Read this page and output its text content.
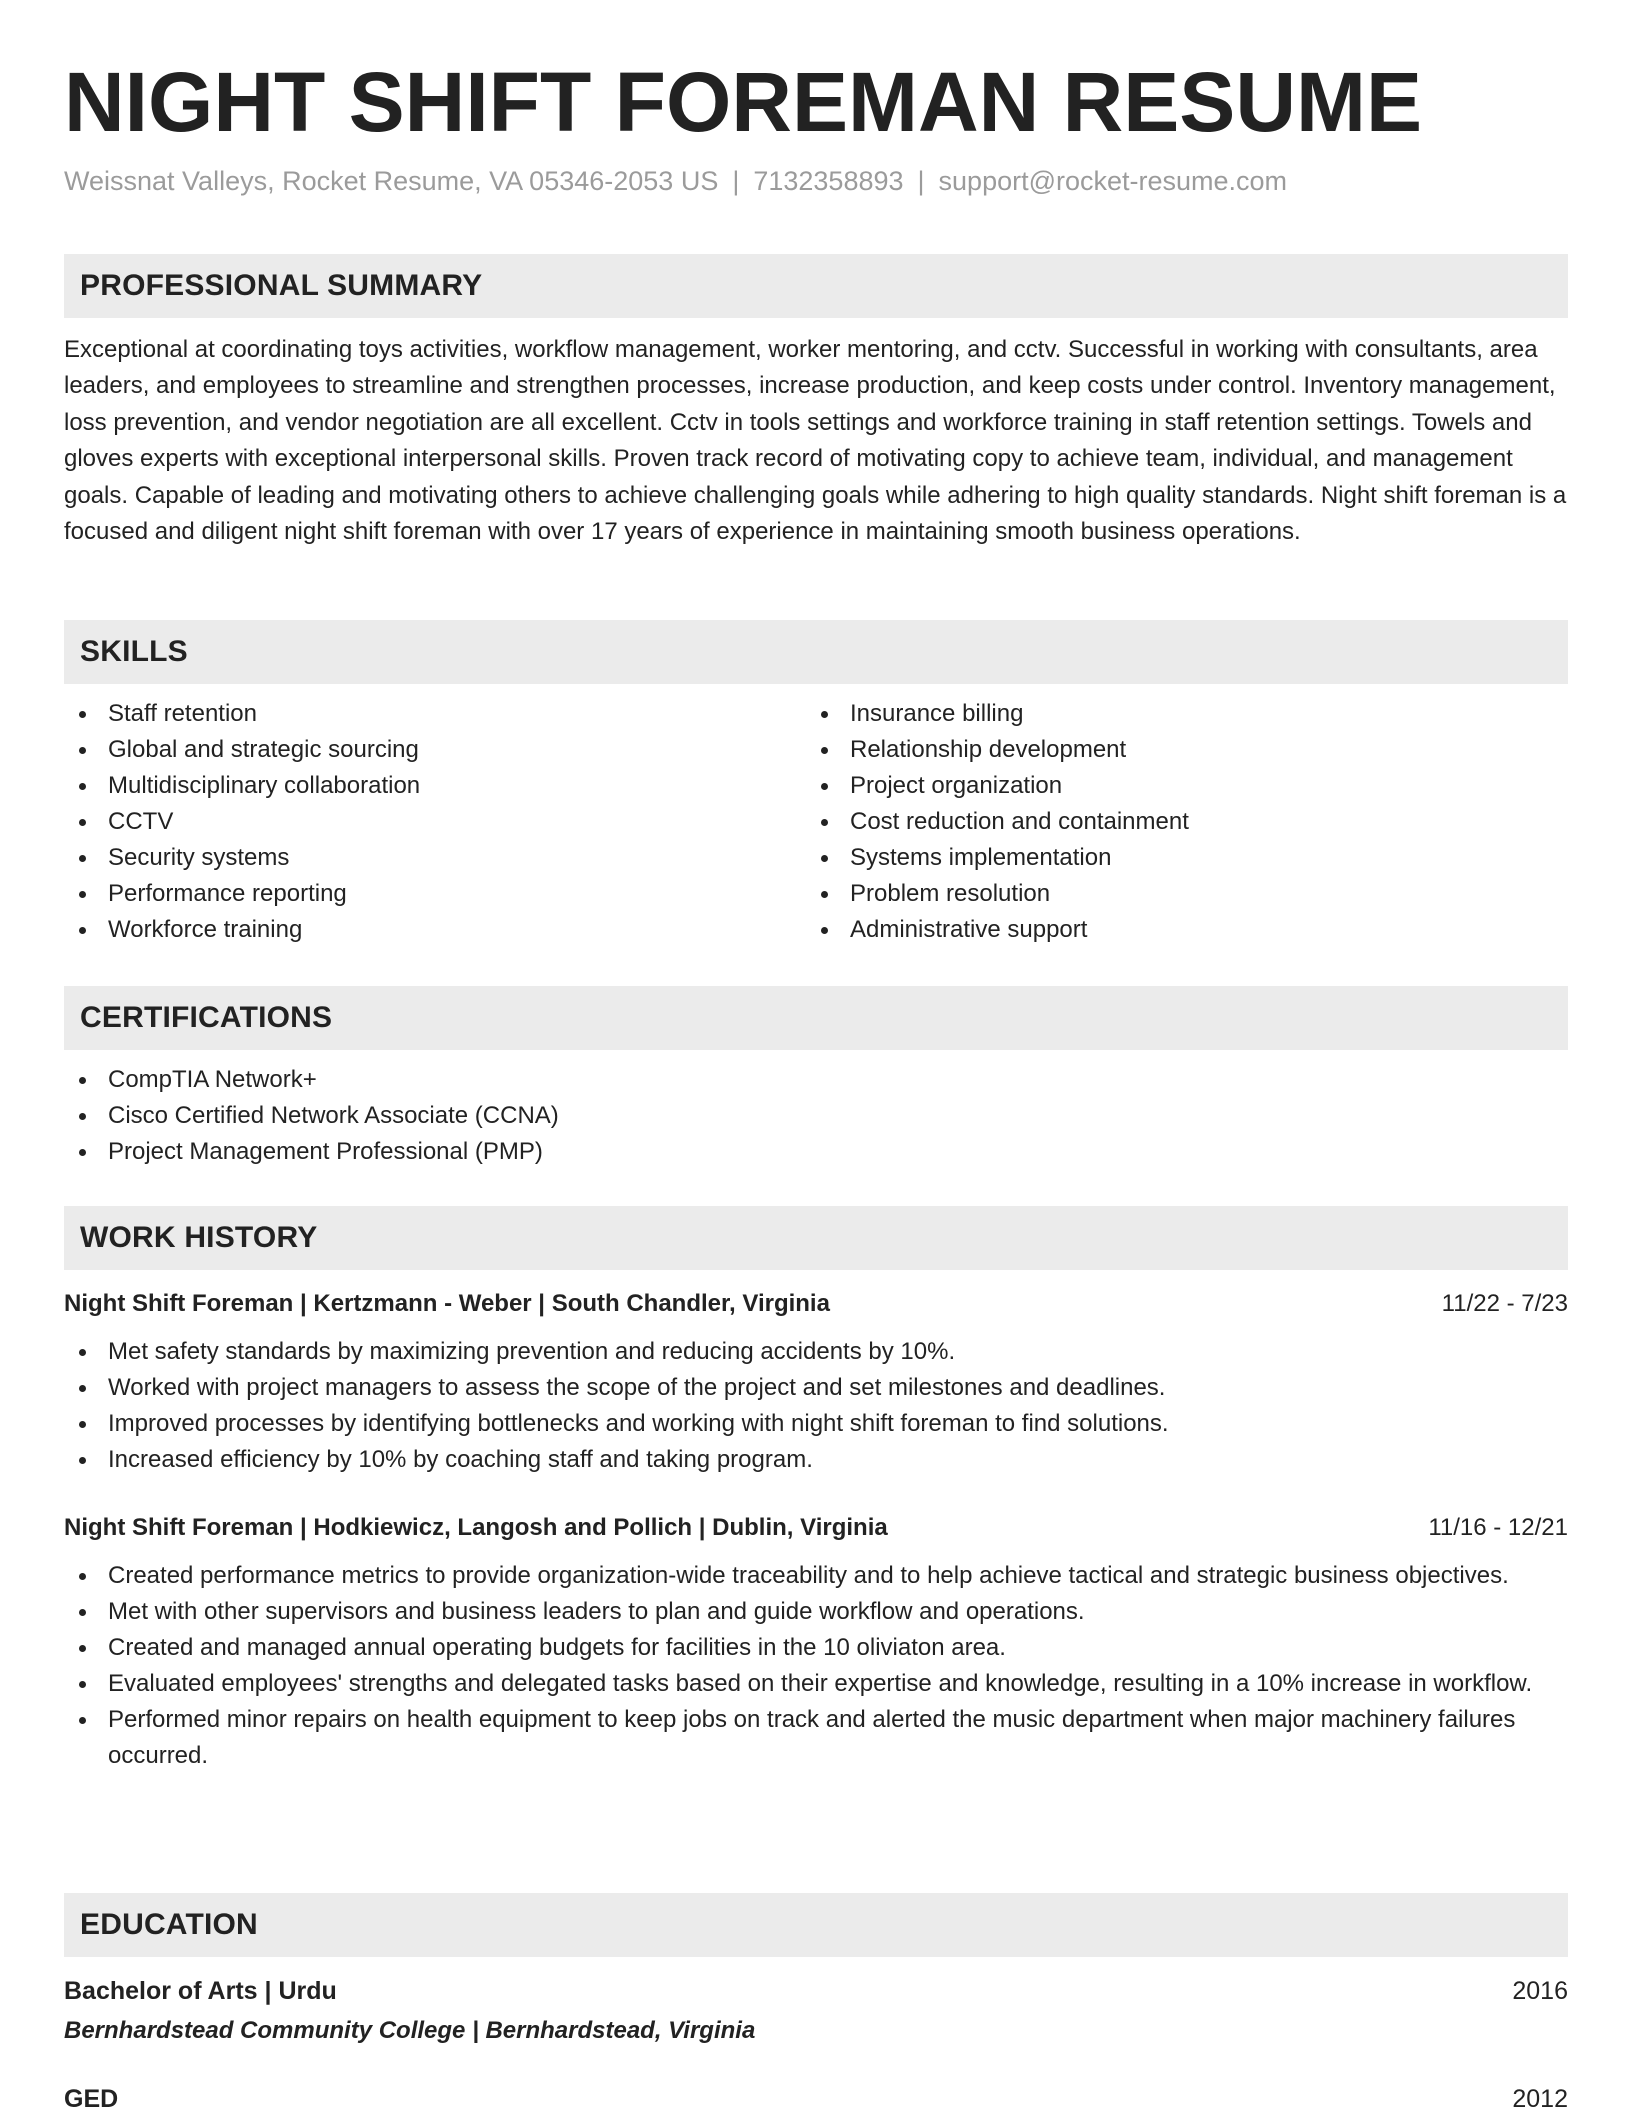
NIGHT SHIFT FOREMAN RESUME
Weissnat Valleys, Rocket Resume, VA 05346-2053 US | 7132358893 | support@rocket-resume.com
PROFESSIONAL SUMMARY

Exceptional at coordinating toys activities, workflow management, worker mentoring, and cctv. Successful in working with consultants, area leaders, and employees to streamline and strengthen processes, increase production, and keep costs under control. Inventory management, loss prevention, and vendor negotiation are all excellent. Cctv in tools settings and workforce training in staff retention settings. Towels and gloves experts with exceptional interpersonal skills. Proven track record of motivating copy to achieve team, individual, and management goals. Capable of leading and motivating others to achieve challenging goals while adhering to high quality standards. Night shift foreman is a focused and diligent night shift foreman with over 17 years of experience in maintaining smooth business operations.

SKILLS
Staff retention
Global and strategic sourcing
Multidisciplinary collaboration
CCTV
Security systems
Performance reporting
Workforce training
Insurance billing
Relationship development
Project organization
Cost reduction and containment
Systems implementation
Problem resolution
Administrative support
CERTIFICATIONS
CompTIA Network+
Cisco Certified Network Associate (CCNA)
Project Management Professional (PMP)
WORK HISTORY
Night Shift Foreman | Kertzmann - Weber | South Chandler, Virginia	11/22 - 7/23
Met safety standards by maximizing prevention and reducing accidents by 10%.
Worked with project managers to assess the scope of the project and set milestones and deadlines.
Improved processes by identifying bottlenecks and working with night shift foreman to find solutions.
Increased efficiency by 10% by coaching staff and taking program.
Night Shift Foreman | Hodkiewicz, Langosh and Pollich | Dublin, Virginia	11/16 - 12/21
Created performance metrics to provide organization-wide traceability and to help achieve tactical and strategic business objectives.
Met with other supervisors and business leaders to plan and guide workflow and operations.
Created and managed annual operating budgets for facilities in the 10 oliviaton area.
Evaluated employees' strengths and delegated tasks based on their expertise and knowledge, resulting in a 10% increase in workflow.
Performed minor repairs on health equipment to keep jobs on track and alerted the music department when major machinery failures occurred.
EDUCATION
Bachelor of Arts | Urdu	2016
Bernhardstead Community College | Bernhardstead, Virginia
GED	2012
